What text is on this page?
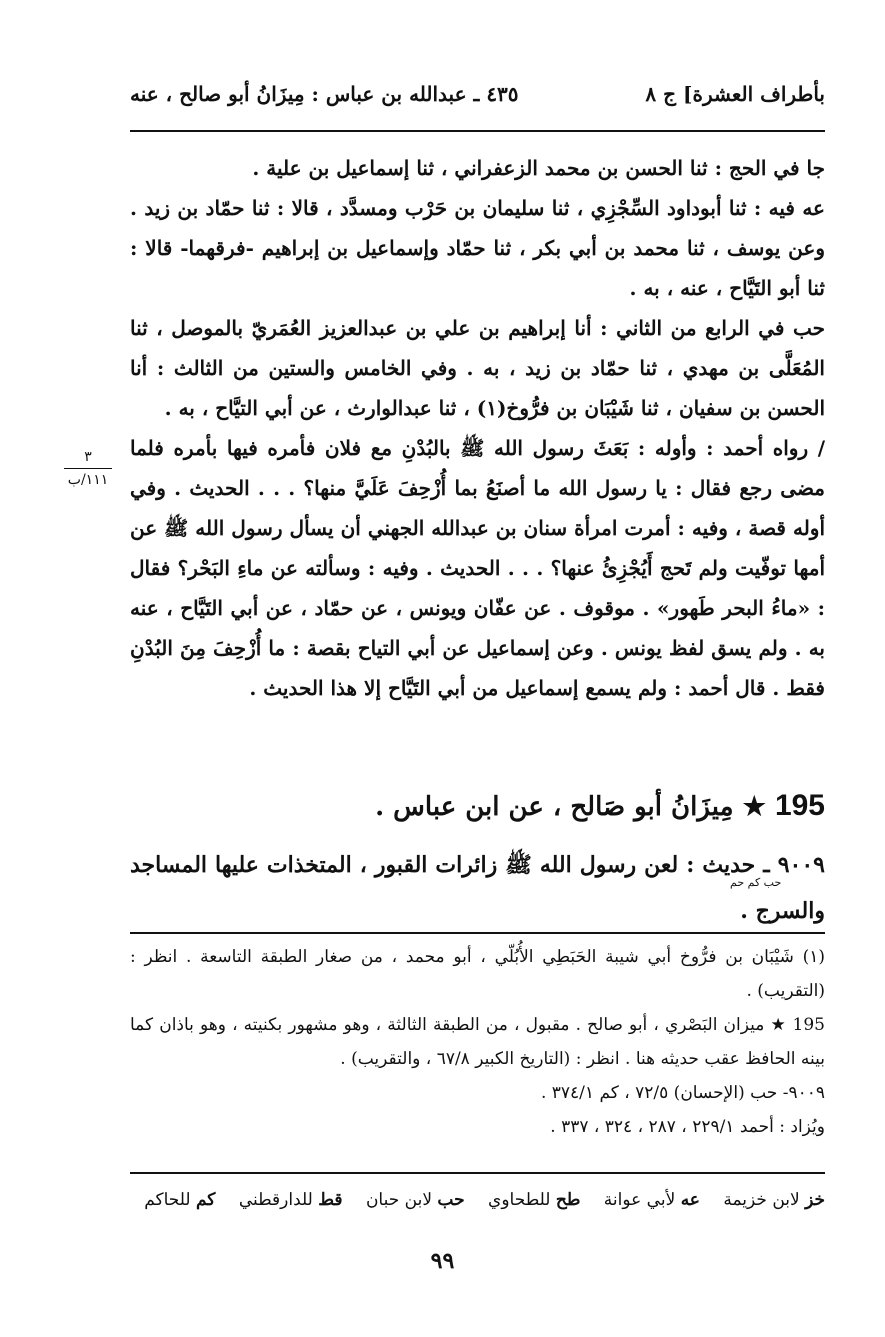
بأطراف العشرة] ج ٨
٤٣٥ ـ عبدالله بن عباس : مِيزَانُ أبو صالح ، عنه

جا في الحج : ثنا الحسن بن محمد الزعفراني ، ثنا إسماعيل بن علية .

عه فيه : ثنا أبوداود السِّجْزِي ، ثنا سليمان بن حَرْب ومسدَّد ، قالا : ثنا حمّاد بن زيد . وعن يوسف ، ثنا محمد بن أبي بكر ، ثنا حمّاد وإسماعيل بن إبراهيم -فرقهما- قالا : ثنا أبو التَيَّاح ، عنه ، به .

حب في الرابع من الثاني : أنا إبراهيم بن علي بن عبدالعزيز العُمَريّ بالموصل ، ثنا المُعَلَّى بن مهدي ، ثنا حمّاد بن زيد ، به . وفي الخامس والستين من الثالث : أنا الحسن بن سفيان ، ثنا شَيْبَان بن فرُّوخ(١) ، ثنا عبدالوارث ، عن أبي التيَّاح ، به .

/ رواه أحمد : وأوله : بَعَثَ رسول الله ﷺ بالبُدْنِ مع فلان فأمره فيها بأمره فلما مضى رجع فقال : يا رسول الله ما أصنَعُ بما أُزْحِفَ عَلَيَّ منها؟ . . . الحديث . وفي أوله قصة ، وفيه : أمرت امرأة سنان بن عبدالله الجهني أن يسأل رسول الله ﷺ عن أمها توفّيت ولم تَحج أَيُجْزِئُ عنها؟ . . . الحديث . وفيه : وسألته عن ماءِ البَحْر؟ فقال : «ماءُ البحر طَهور» . موقوف . عن عفّان ويونس ، عن حمّاد ، عن أبي التَيَّاح ، عنه به . ولم يسق لفظ يونس . وعن إسماعيل عن أبي التياح بقصة : ما أُزْحِفَ مِنَ البُدْنِ فقط . قال أحمد : ولم يسمع إسماعيل من أبي التَيَّاح إلا هذا الحديث .

٣
١١١/ب
195 ★ مِيزَانُ أبو صَالح ، عن ابن عباس .
٩٠٠٩ ـ حديث : لعن رسول الله ﷺ زائرات القبور ، المتخذات عليها المساجد والسرج .
حب كم حم

(١) شَيْبَان بن فرُّوخ أبي شيبة الحَبَطِي الأُبُلّي ، أبو محمد ، من صغار الطبقة التاسعة . انظر : (التقريب) .

195 ★ ميزان البَصْري ، أبو صالح . مقبول ، من الطبقة الثالثة ، وهو مشهور بكنيته ، وهو باذان كما بينه الحافظ عقب حديثه هنا . انظر : (التاريخ الكبير ٦٧/٨ ، والتقريب) .

٩٠٠٩- حب (الإحسان) ٧٢/٥ ، كم ٣٧٤/١ .

ويُزاد : أحمد ٢٢٩/١ ، ٢٨٧ ، ٣٢٤ ، ٣٣٧ .

خز لابن خزيمة عه لأبي عوانة طح للطحاوي حب لابن حبان قط للدارقطني كم للحاكم
٩٩
